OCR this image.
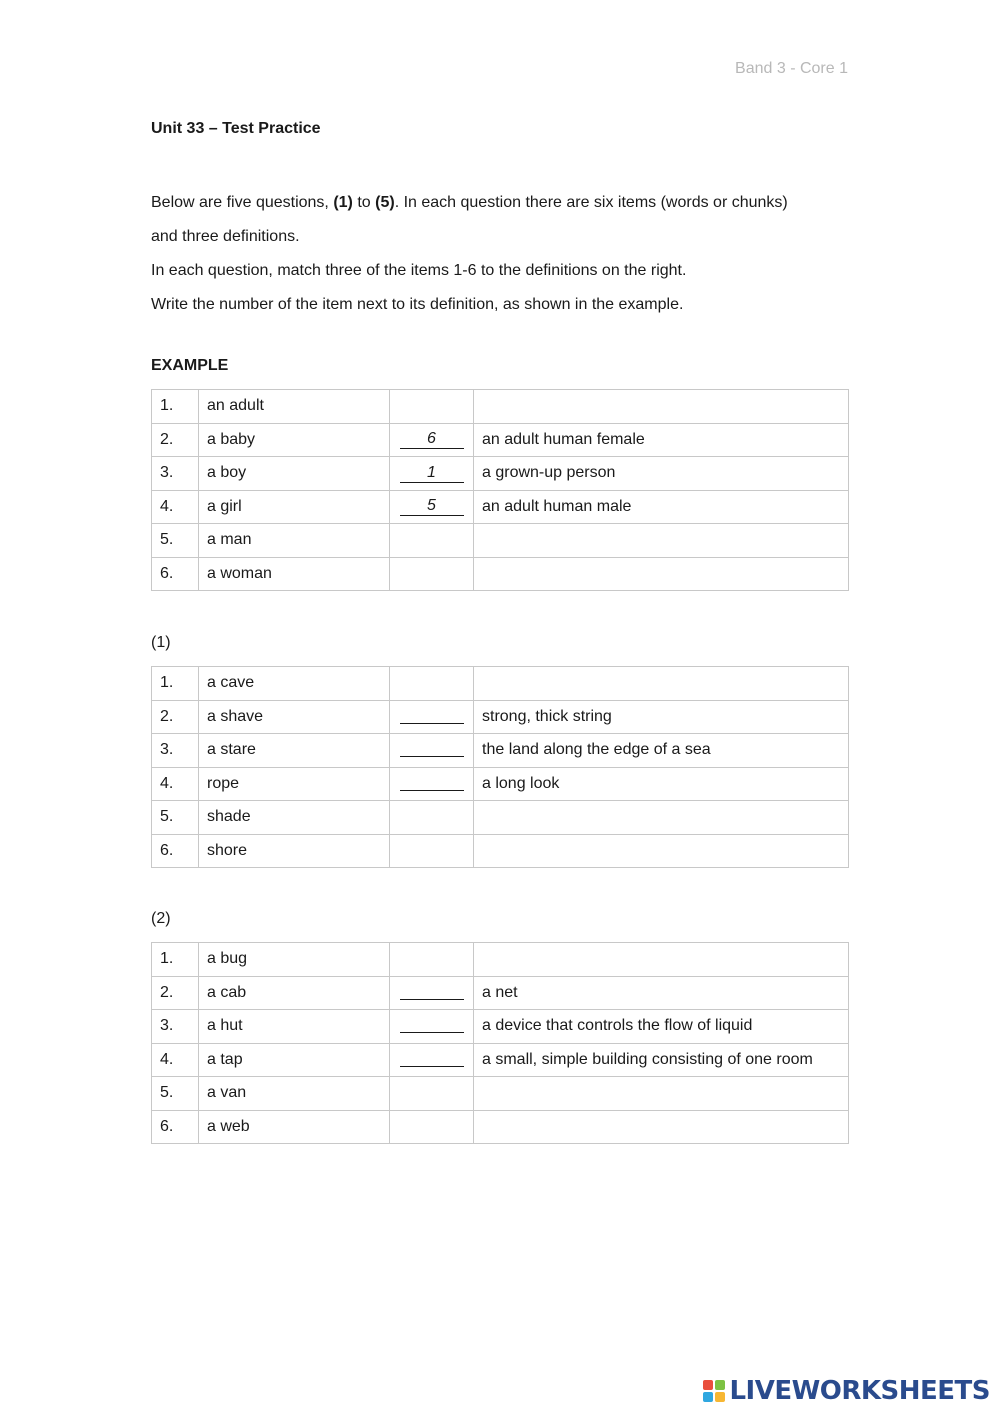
Band 3 - Core 1
Unit 33 – Test Practice

Below are five questions, (1) to (5). In each question there are six items (words or chunks)

and three definitions.

In each question, match three of the items 1-6 to the definitions on the right.

Write the number of the item next to its definition, as shown in the example.

EXAMPLE
1.	an adult		
2.	a baby	6	an adult human female
3.	a boy	1	a grown-up person
4.	a girl	5	an adult human male
5.	a man		
6.	a woman		
(1)
1.	a cave		
2.	a shave		strong, thick string
3.	a stare		the land along the edge of a sea
4.	rope		a long look
5.	shade		
6.	shore		
(2)
1.	a bug		
2.	a cab		a net
3.	a hut		a device that controls the flow of liquid
4.	a tap		a small, simple building consisting of one room
5.	a van		
6.	a web		
LIVEWORKSHEETS
